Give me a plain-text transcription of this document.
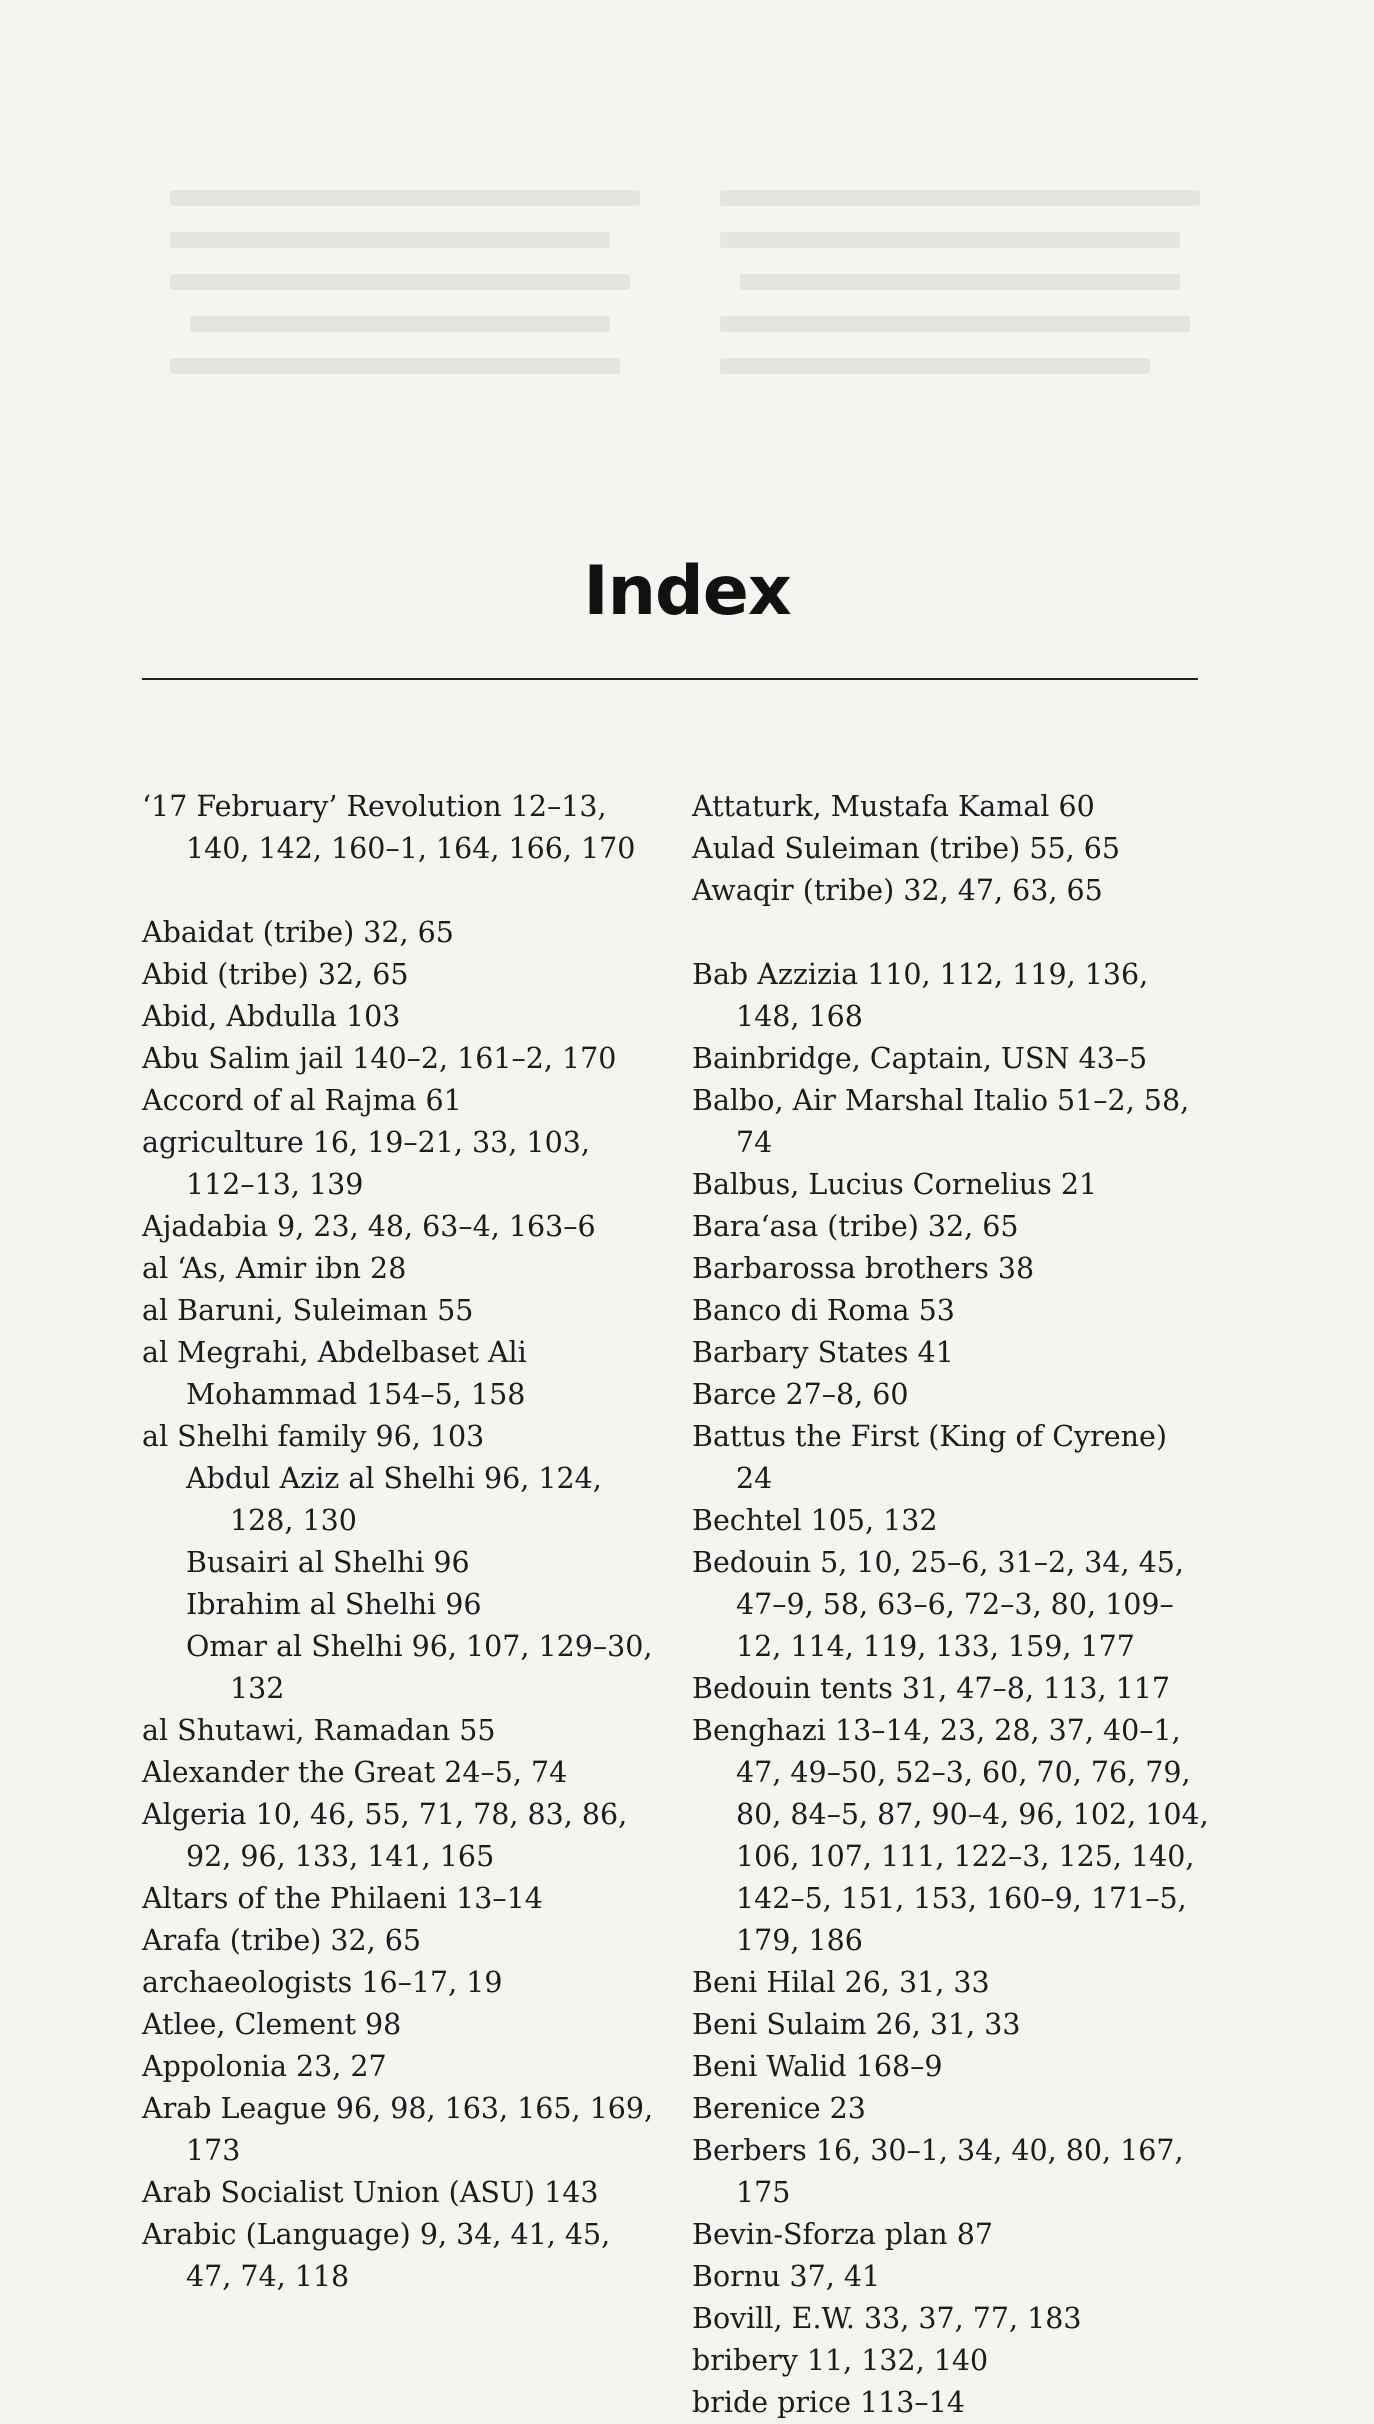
Index
‘17 February’ Revolution 12–13, 140, 142, 160–1, 164, 166, 170
Abaidat (tribe) 32, 65
Abid (tribe) 32, 65
Abid, Abdulla 103
Abu Salim jail 140–2, 161–2, 170
Accord of al Rajma 61
agriculture 16, 19–21, 33, 103, 112–13, 139
Ajadabia 9, 23, 48, 63–4, 163–6
al ‘As, Amir ibn 28
al Baruni, Suleiman 55
al Megrahi, Abdelbaset Ali Mohammad 154–5, 158
al Shelhi family 96, 103
Abdul Aziz al Shelhi 96, 124, 128, 130
Busairi al Shelhi 96
Ibrahim al Shelhi 96
Omar al Shelhi 96, 107, 129–30, 132
al Shutawi, Ramadan 55
Alexander the Great 24–5, 74
Algeria 10, 46, 55, 71, 78, 83, 86, 92, 96, 133, 141, 165
Altars of the Philaeni 13–14
Arafa (tribe) 32, 65
archaeologists 16–17, 19
Atlee, Clement 98
Appolonia 23, 27
Arab League 96, 98, 163, 165, 169, 173
Arab Socialist Union (ASU) 143
Arabic (Language) 9, 34, 41, 45, 47, 74, 118
Attaturk, Mustafa Kamal 60
Aulad Suleiman (tribe) 55, 65
Awaqir (tribe) 32, 47, 63, 65
Bab Azzizia 110, 112, 119, 136, 148, 168
Bainbridge, Captain, USN 43–5
Balbo, Air Marshal Italio 51–2, 58, 74
Balbus, Lucius Cornelius 21
Bara‘asa (tribe) 32, 65
Barbarossa brothers 38
Banco di Roma 53
Barbary States 41
Barce 27–8, 60
Battus the First (King of Cyrene) 24
Bechtel 105, 132
Bedouin 5, 10, 25–6, 31–2, 34, 45, 47–9, 58, 63–6, 72–3, 80, 109–12, 114, 119, 133, 159, 177
Bedouin tents 31, 47–8, 113, 117
Benghazi 13–14, 23, 28, 37, 40–1, 47, 49–50, 52–3, 60, 70, 76, 79, 80, 84–5, 87, 90–4, 96, 102, 104, 106, 107, 111, 122–3, 125, 140, 142–5, 151, 153, 160–9, 171–5, 179, 186
Beni Hilal 26, 31, 33
Beni Sulaim 26, 31, 33
Beni Walid 168–9
Berenice 23
Berbers 16, 30–1, 34, 40, 80, 167, 175
Bevin-Sforza plan 87
Bornu 37, 41
Bovill, E.W. 33, 37, 77, 183
bribery 11, 132, 140
bride price 113–14
